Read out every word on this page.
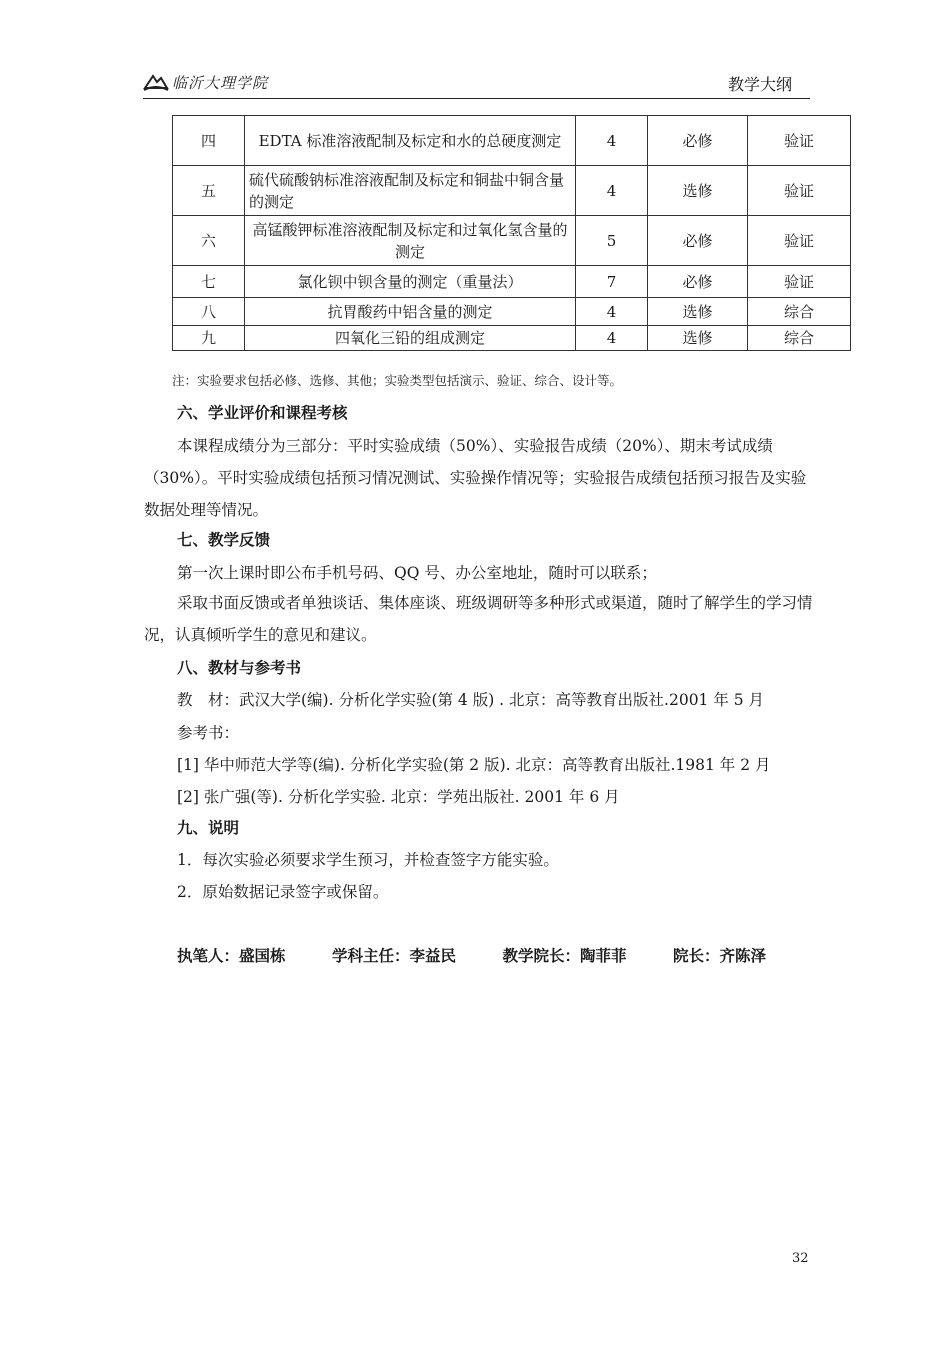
临沂大理学院	教学大纲
四	EDTA 标准溶液配制及标定和水的总硬度测定	4	必修	验证
五	硫代硫酸钠标准溶液配制及标定和铜盐中铜含量的测定	4	选修	验证
六	高锰酸钾标准溶液配制及标定和过氧化氢含量的测定	5	必修	验证
七	氯化钡中钡含量的测定（重量法）	7	必修	验证
八	抗胃酸药中铝含量的测定	4	选修	综合
九	四氧化三铅的组成测定	4	选修	综合
注：实验要求包括必修、选修、其他；实验类型包括演示、验证、综合、设计等。
六、学业评价和课程考核
本课程成绩分为三部分：平时实验成绩（50%）、实验报告成绩（20%）、期末考试成绩（30%）。平时实验成绩包括预习情况测试、实验操作情况等；实验报告成绩包括预习报告及实验数据处理等情况。
七、教学反馈
第一次上课时即公布手机号码、QQ 号、办公室地址，随时可以联系；
采取书面反馈或者单独谈话、集体座谈、班级调研等多种形式或渠道，随时了解学生的学习情况，认真倾听学生的意见和建议。
八、教材与参考书
教　材：武汉大学(编). 分析化学实验(第 4 版) . 北京：高等教育出版社.2001 年 5 月
参考书：
[1] 华中师范大学等(编). 分析化学实验(第 2 版). 北京：高等教育出版社.1981 年 2 月
[2] 张广强(等). 分析化学实验. 北京：学苑出版社. 2001 年 6 月
九、说明
1．每次实验必须要求学生预习，并检查签字方能实验。
2．原始数据记录签字或保留。
执笔人：盛国栋　　　学科主任：李益民　　　教学院长：陶菲菲　　　院长：齐陈泽
32
